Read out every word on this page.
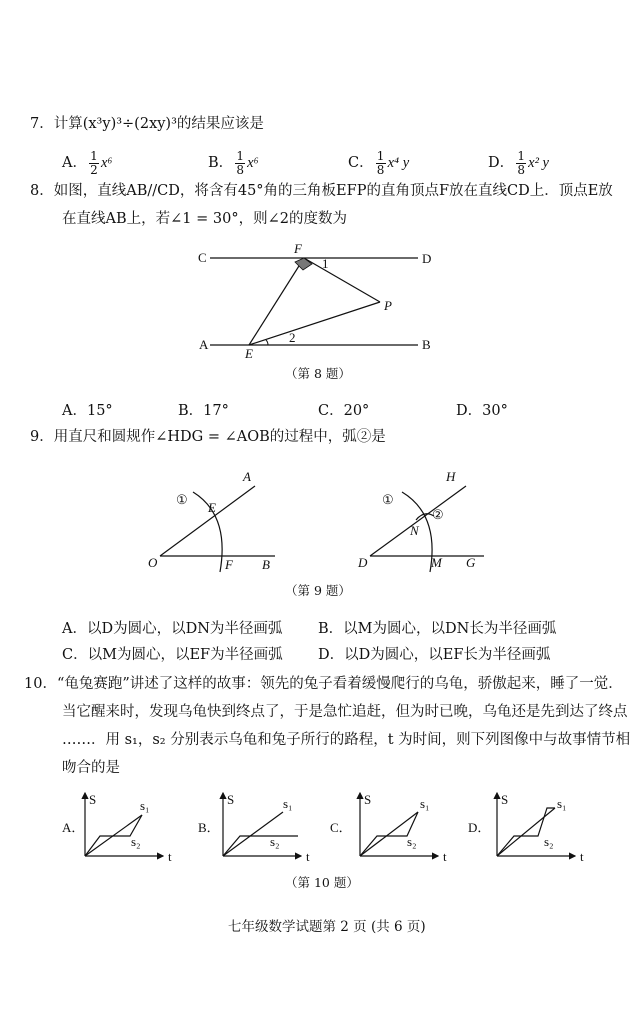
7．计算(x³y)³÷(2xy)³的结果应该是
A． $\frac{1}{2} x^6$	B． $\frac{1}{8} x^6$	C． $\frac{1}{8} x^4$ y	D． $\frac{1}{8} x^2$ y
8．如图，直线AB//CD，将含有45°角的三角板EFP的直角顶点F放在直线CD上．顶点E放
在直线AB上，若∠1 = 30°，则∠2的度数为
C	D
F
1
P
A	B
E
2
（第 8 题）
A．15°	B．17°	C．20°	D．30°
9．用直尺和圆规作∠HDG = ∠AOB的过程中，弧②是
A
E
①
O	F B
H
①
②
N
D	M G
（第 9 题）
A．以D为圆心，以DN为半径画弧 B．以M为圆心，以DN长为半径画弧
C．以M为圆心，以EF为半径画弧 D．以D为圆心，以EF长为半径画弧
10．“龟兔赛跑”讲述了这样的故事：领先的兔子看着缓慢爬行的乌龟，骄傲起来，睡了一觉．
当它醒来时，发现乌龟快到终点了，于是急忙追赶，但为时已晚，乌龟还是先到达了终点
……．用 s₁，s₂ 分别表示乌龟和兔子所行的路程，t 为时间，则下列图像中与故事情节相
吻合的是
S
t
s₁
s₂
A．
S
t
s₁
s₂
B．
S
t
s₁
s₂
C．
S
t
s₁
s₂
D．
（第 10 题）
七年级数学试题第 2 页 (共 6 页)
